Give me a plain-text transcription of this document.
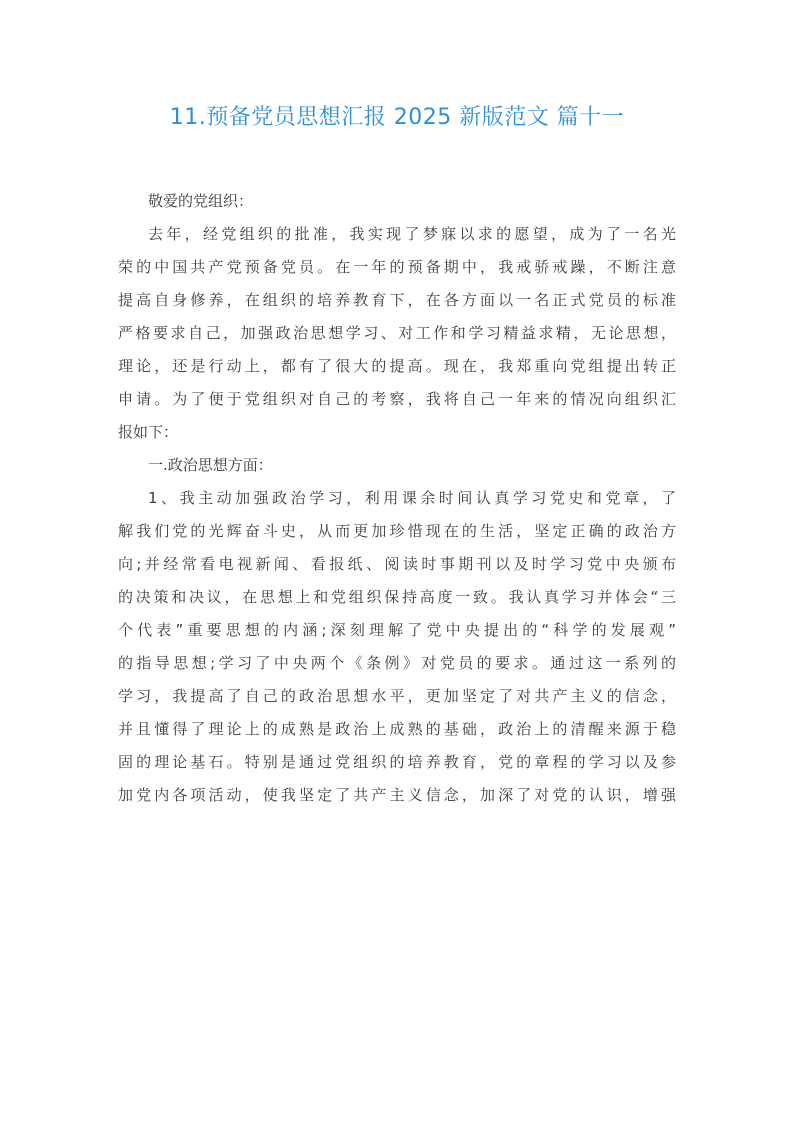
11.预备党员思想汇报 2025 新版范文 篇十一
敬爱的党组织：
去年，经党组织的批准，我实现了梦寐以求的愿望，成为了一名光
荣的中国共产党预备党员。在一年的预备期中，我戒骄戒躁，不断注意
提高自身修养，在组织的培养教育下，在各方面以一名正式党员的标准
严格要求自己，加强政治思想学习、对工作和学习精益求精，无论思想，
理论，还是行动上，都有了很大的提高。现在，我郑重向党组提出转正
申请。为了便于党组织对自己的考察，我将自己一年来的情况向组织汇
报如下：
一.政治思想方面：
1、我主动加强政治学习，利用课余时间认真学习党史和党章，了
解我们党的光辉奋斗史，从而更加珍惜现在的生活，坚定正确的政治方
向;并经常看电视新闻、看报纸、阅读时事期刊以及时学习党中央颁布
的决策和决议，在思想上和党组织保持高度一致。我认真学习并体会“三
个代表”重要思想的内涵;深刻理解了党中央提出的“科学的发展观”
的指导思想;学习了中央两个《条例》对党员的要求。通过这一系列的
学习，我提高了自己的政治思想水平，更加坚定了对共产主义的信念，
并且懂得了理论上的成熟是政治上成熟的基础，政治上的清醒来源于稳
固的理论基石。特别是通过党组织的培养教育，党的章程的学习以及参
加党内各项活动，使我坚定了共产主义信念，加深了对党的认识，增强
